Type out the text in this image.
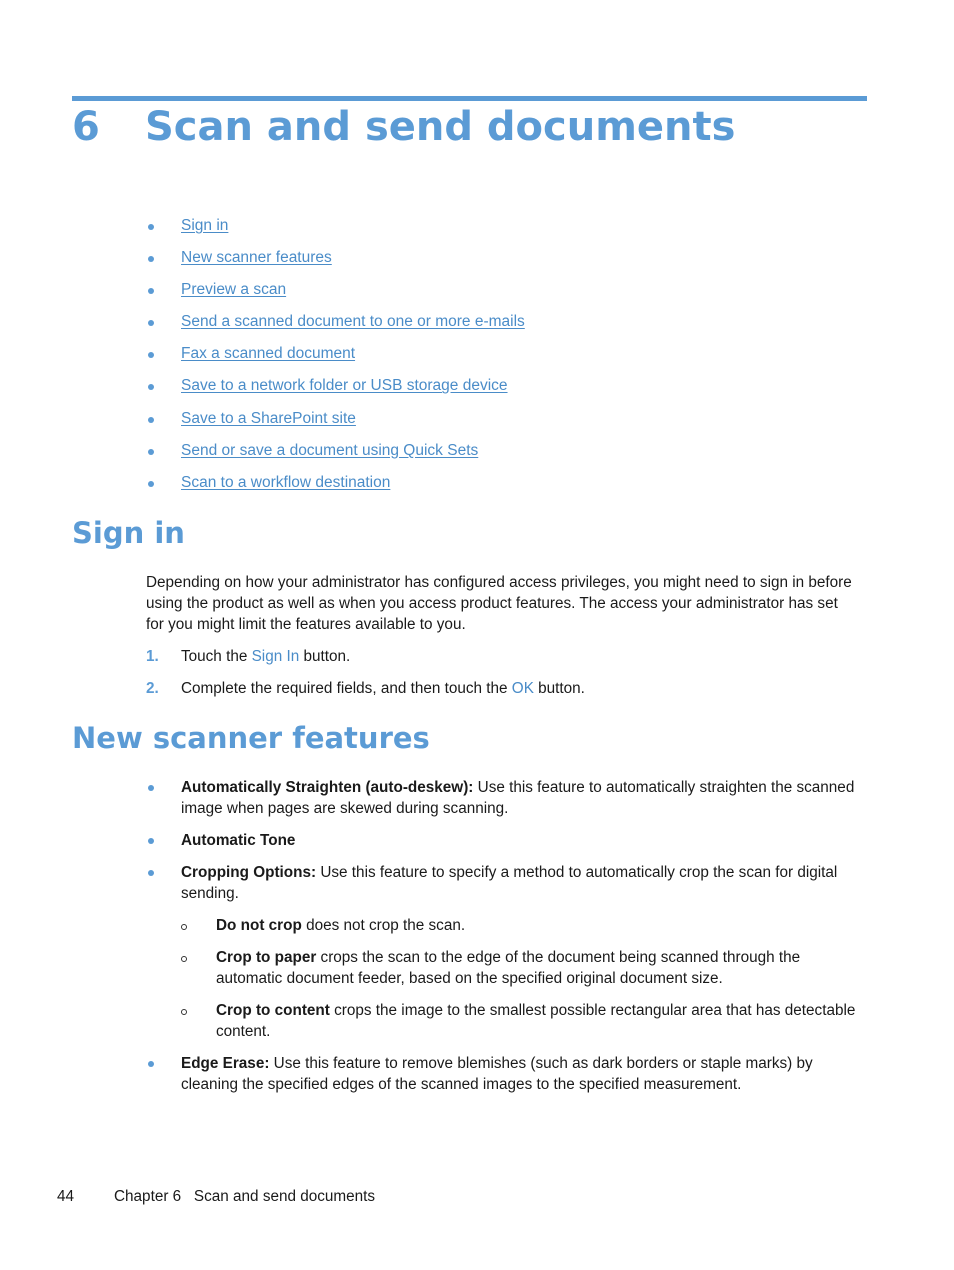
6 Scan and send documents
Sign in
New scanner features
Preview a scan
Send a scanned document to one or more e-mails
Fax a scanned document
Save to a network folder or USB storage device
Save to a SharePoint site
Send or save a document using Quick Sets
Scan to a workflow destination
Sign in

Depending on how your administrator has configured access privileges, you might need to sign in before using the product as well as when you access product features. The access your administrator has set for you might limit the features available to you.

1. Touch the Sign In button.
2. Complete the required fields, and then touch the OK button.
New scanner features
Automatically Straighten (auto-deskew): Use this feature to automatically straighten the scanned image when pages are skewed during scanning.
Automatic Tone
Cropping Options: Use this feature to specify a method to automatically crop the scan for digital sending.
Do not crop does not crop the scan.
Crop to paper crops the scan to the edge of the document being scanned through the automatic document feeder, based on the specified original document size.
Crop to content crops the image to the smallest possible rectangular area that has detectable content.
Edge Erase: Use this feature to remove blemishes (such as dark borders or staple marks) by cleaning the specified edges of the scanned images to the specified measurement.
44	Chapter 6   Scan and send documents
